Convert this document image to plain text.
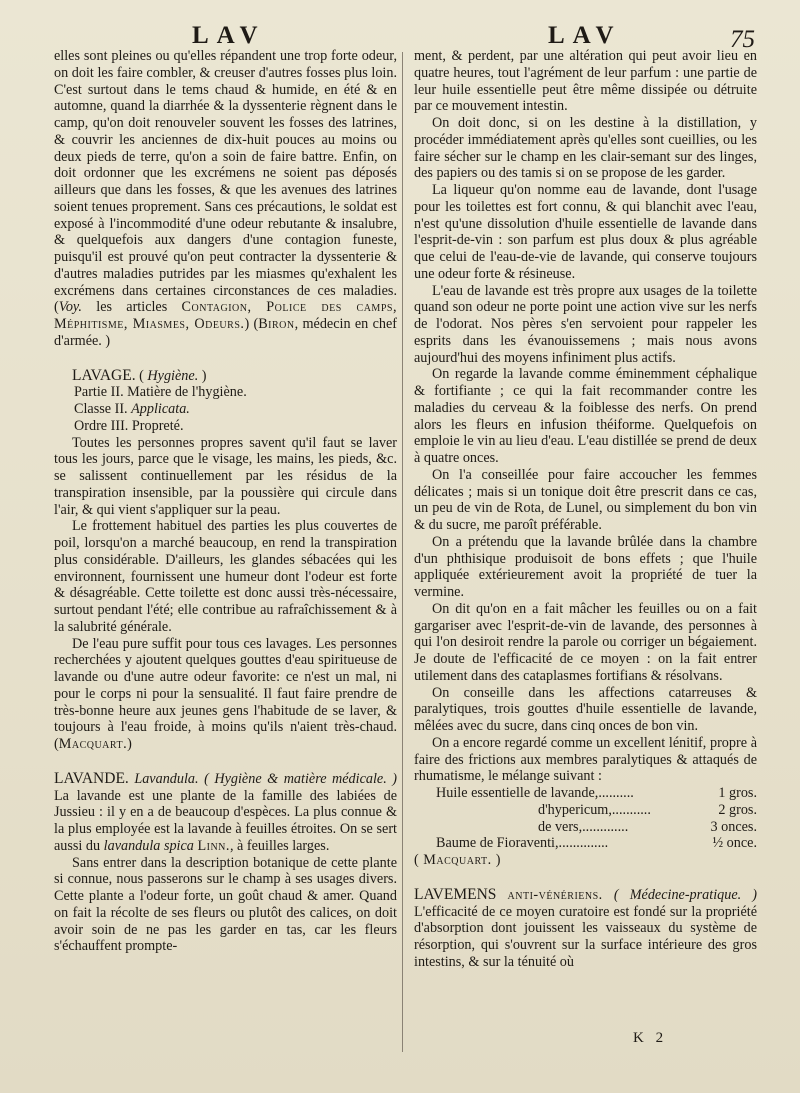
LAV	LAV	75

elles sont pleines ou qu'elles répandent une trop forte odeur, on doit les faire combler, & creuser d'autres fosses plus loin. C'est surtout dans le tems chaud & humide, en été & en automne, quand la diarrhée & la dyssenterie règnent dans le camp, qu'on doit renouveler souvent les fosses des latrines, & couvrir les anciennes de dix-huit pouces au moins ou deux pieds de terre, qu'on a soin de faire battre. Enfin, on doit ordonner que les excrémens ne soient pas déposés ailleurs que dans les fosses, & que les avenues des latrines soient tenues proprement. Sans ces précautions, le soldat est exposé à l'incommodité d'une odeur rebutante & insalubre, & quelquefois aux dangers d'une contagion funeste, puisqu'il est prouvé qu'on peut contracter la dyssenterie & d'autres maladies putrides par les miasmes qu'exhalent les excrémens dans certaines circonstances de ces maladies. (Voy. les articles Contagion, Police des camps, Méphitisme, Miasmes, Odeurs.) (Biron, médecin en chef d'armée. )

LAVAGE. ( Hygiène. )

Partie II. Matière de l'hygiène.

Classe II. Applicata.

Ordre III. Propreté.

Toutes les personnes propres savent qu'il faut se laver tous les jours, parce que le visage, les mains, les pieds, &c. se salissent continuellement par les résidus de la transpiration insensible, par la poussière qui circule dans l'air, & qui vient s'appliquer sur la peau.

Le frottement habituel des parties les plus couvertes de poil, lorsqu'on a marché beaucoup, en rend la transpiration plus considérable. D'ailleurs, les glandes sébacées qui les environnent, fournissent une humeur dont l'odeur est forte & désagréable. Cette toilette est donc aussi très-nécessaire, surtout pendant l'été; elle contribue au rafraîchissement & à la salubrité générale.

De l'eau pure suffit pour tous ces lavages. Les personnes recherchées y ajoutent quelques gouttes d'eau spiritueuse de lavande ou d'une autre odeur favorite: ce n'est un mal, ni pour le corps ni pour la sensualité. Il faut faire prendre de très-bonne heure aux jeunes gens l'habitude de se laver, & toujours à l'eau froide, à moins qu'ils n'aient très-chaud. (Macquart.)

LAVANDE. Lavandula. ( Hygiène & matière médicale. ) La lavande est une plante de la famille des labiées de Jussieu : il y en a de beaucoup d'espèces. La plus connue & la plus employée est la lavande à feuilles étroites. On se sert aussi du lavandula spica Linn., à feuilles larges.

Sans entrer dans la description botanique de cette plante si connue, nous passerons sur le champ à ses usages divers. Cette plante a l'odeur forte, un goût chaud & amer. Quand on fait la récolte de ses fleurs ou plutôt des calices, on doit avoir soin de ne pas les garder en tas, car les fleurs s'échauffent prompte-

ment, & perdent, par une altération qui peut avoir lieu en quatre heures, tout l'agrément de leur parfum : une partie de leur huile essentielle peut être même dissipée ou détruite par ce mouvement intestin.

On doit donc, si on les destine à la distillation, y procéder immédiatement après qu'elles sont cueillies, ou les faire sécher sur le champ en les clair-semant sur des linges, des papiers ou des tamis si on se propose de les garder.

La liqueur qu'on nomme eau de lavande, dont l'usage pour les toilettes est fort connu, & qui blanchit avec l'eau, n'est qu'une dissolution d'huile essentielle de lavande dans l'esprit-de-vin : son parfum est plus doux & plus agréable que celui de l'eau-de-vie de lavande, qui conserve toujours une odeur forte & résineuse.

L'eau de lavande est très propre aux usages de la toilette quand son odeur ne porte point une action vive sur les nerfs de l'odorat. Nos pères s'en servoient pour rappeler les esprits dans les évanouissemens ; mais nous avons aujourd'hui des moyens infiniment plus actifs.

On regarde la lavande comme éminemment céphalique & fortifiante ; ce qui la fait recommander contre les maladies du cerveau & la foiblesse des nerfs. On prend alors les fleurs en infusion théiforme. Quelquefois on emploie le vin au lieu d'eau. L'eau distillée se prend de deux à quatre onces.

On l'a conseillée pour faire accoucher les femmes délicates ; mais si un tonique doit être prescrit dans ce cas, un peu de vin de Rota, de Lunel, ou simplement du bon vin & du sucre, me paroît préférable.

On a prétendu que la lavande brûlée dans la chambre d'un phthisique produisoit de bons effets ; que l'huile appliquée extérieurement avoit la propriété de tuer la vermine.

On dit qu'on en a fait mâcher les feuilles ou on a fait gargariser avec l'esprit-de-vin de lavande, des personnes à qui l'on desiroit rendre la parole ou corriger un bégaiement. Je doute de l'efficacité de ce moyen : on la fait entrer utilement dans des cataplasmes fortifians & résolvans.

On conseille dans les affections catarreuses & paralytiques, trois gouttes d'huile essentielle de lavande, mêlées avec du sucre, dans cinq onces de bon vin.

On a encore regardé comme un excellent lénitif, propre à faire des frictions aux membres paralytiques & attaqués de rhumatisme, le mélange suivant :

Huile essentielle de lavande,..........	1 gros.
d'hypericum,...........	2 gros.
de vers,.............	3 onces.
Baume de Fioraventi,..............	½ once.

( Macquart. )

LAVEMENS anti-vénériens. ( Médecine-pratique. ) L'efficacité de ce moyen curatoire est fondé sur la propriété d'absorption dont jouissent les vaisseaux du système de résorption, qui s'ouvrent sur la surface intérieure des gros intestins, & sur la ténuité où

K 2
